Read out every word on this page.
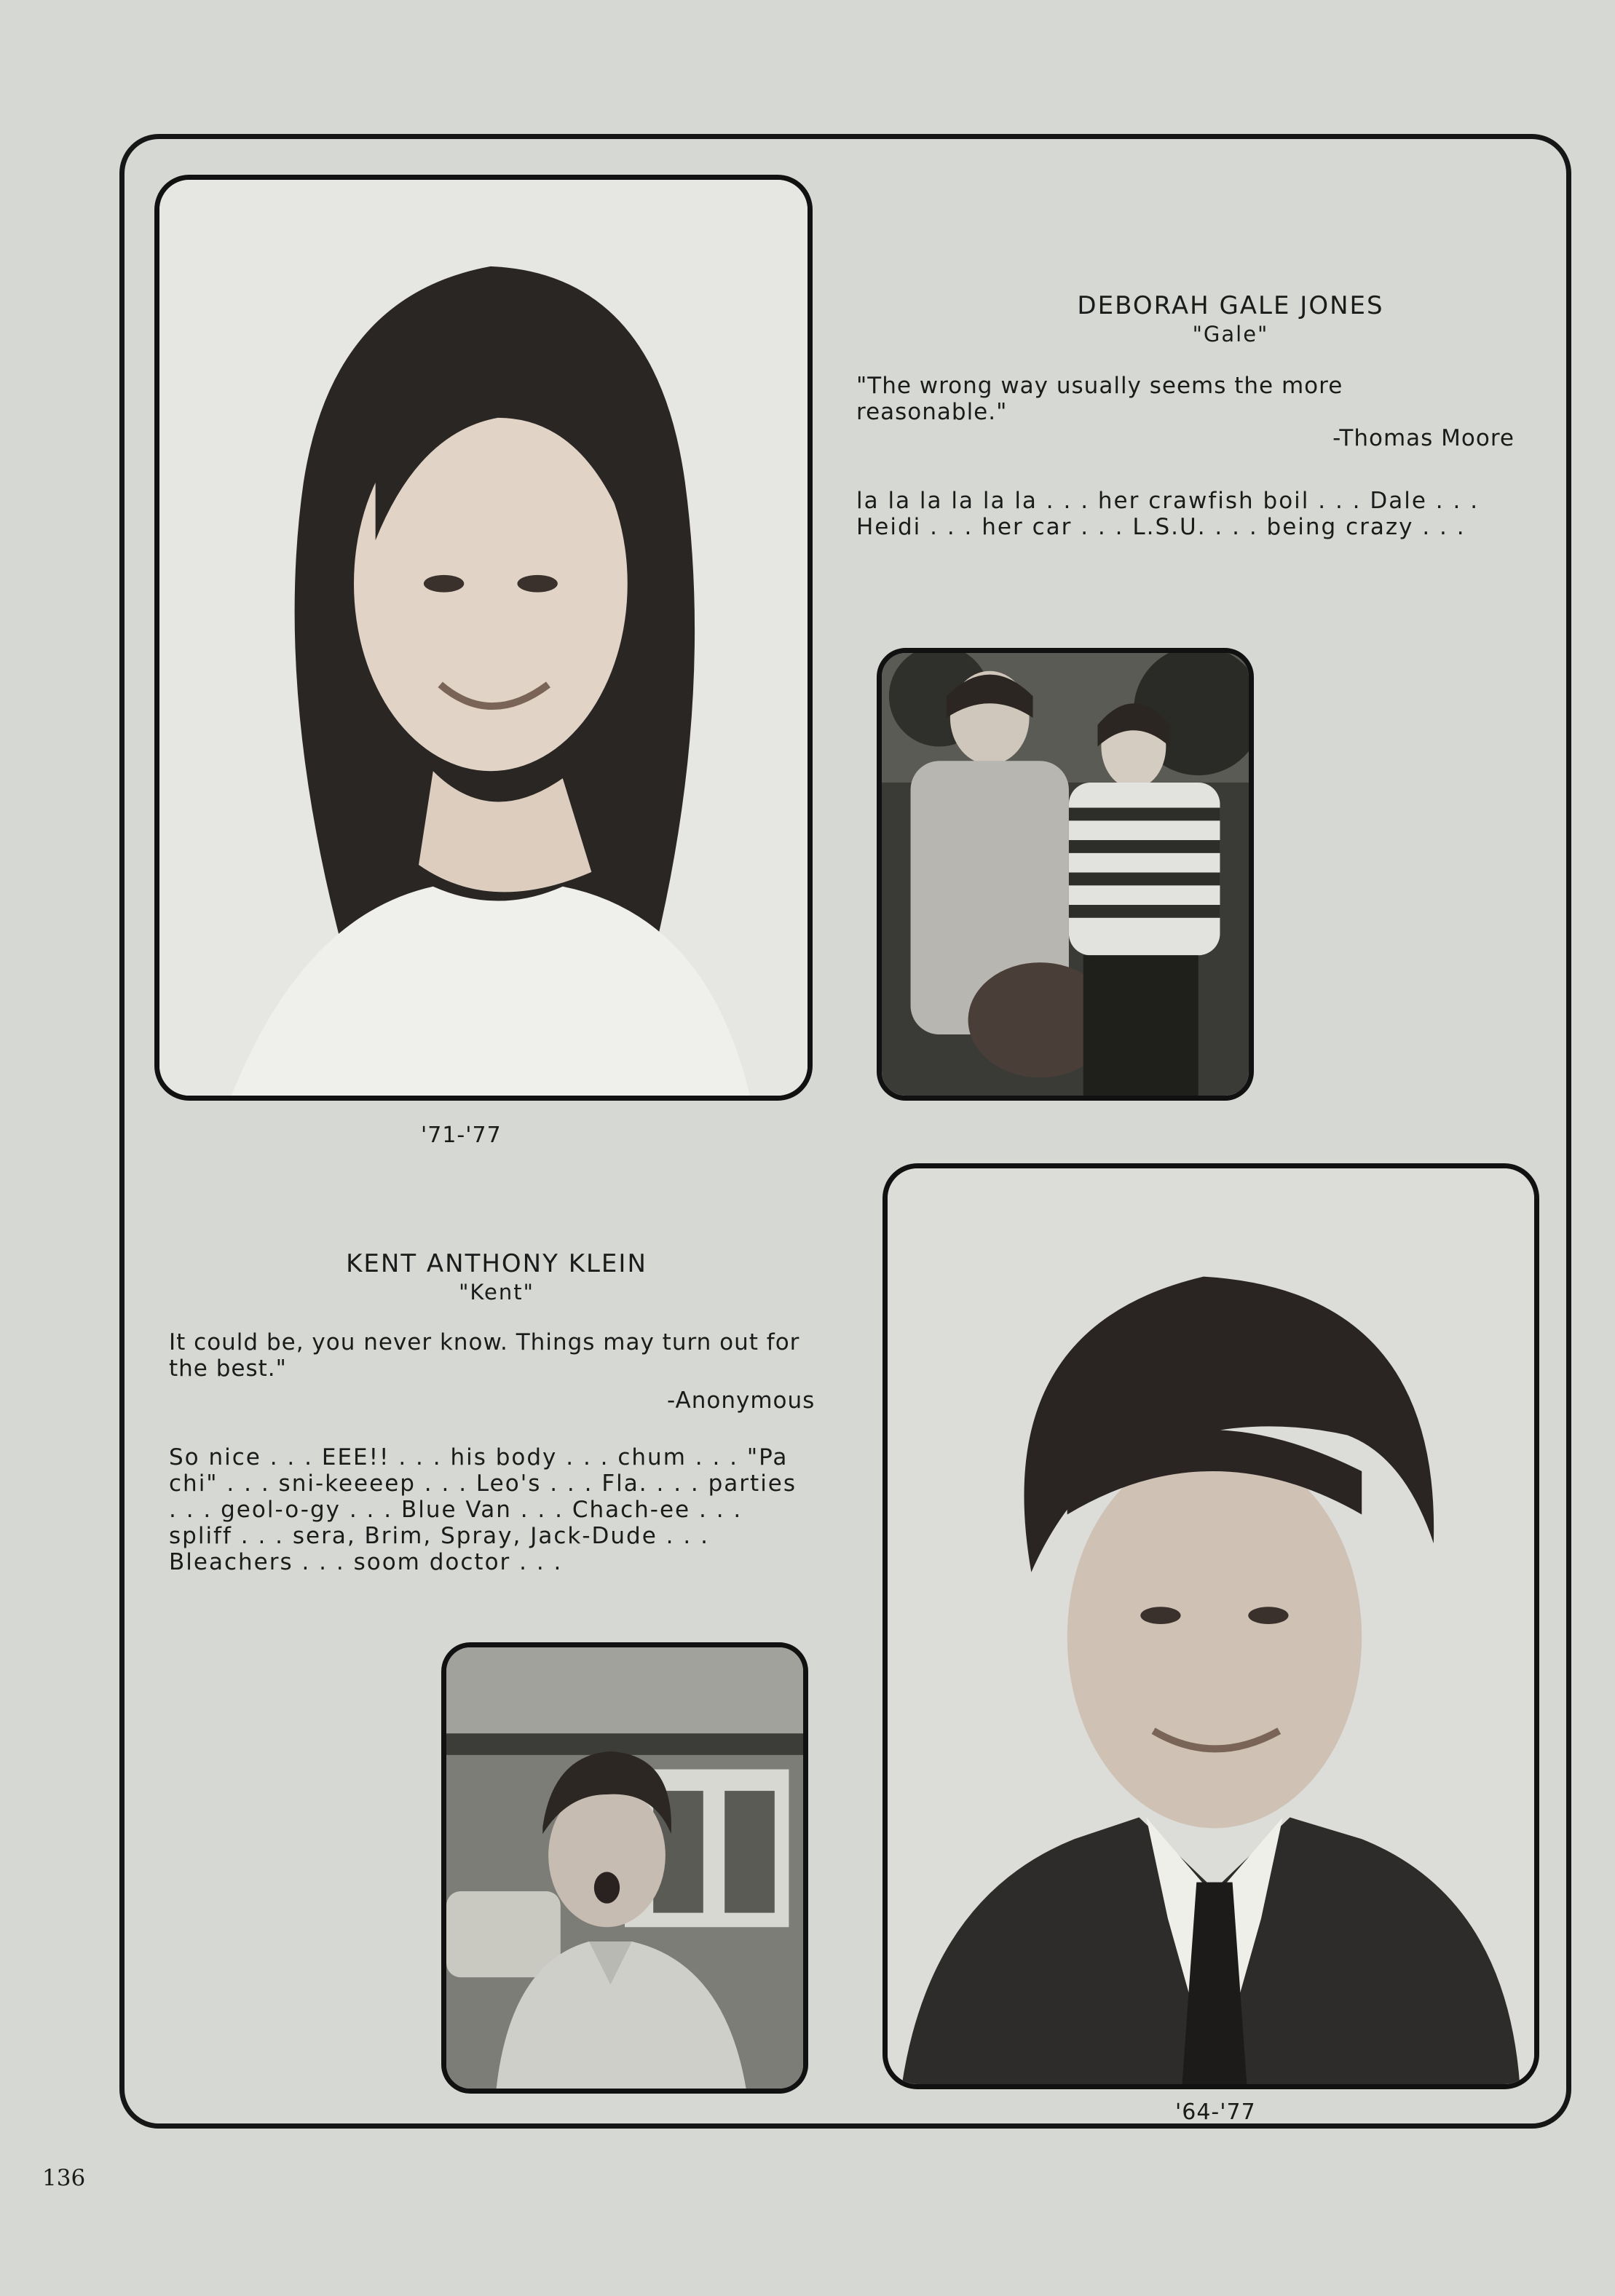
DEBORAH GALE JONES
"Gale"
"The wrong way usually seems the more reasonable."
-Thomas Moore
la la la la la la . . . her crawfish boil . . . Dale . . . Heidi . . . her car . . . L.S.U. . . . being crazy . . .
'71-'77
KENT ANTHONY KLEIN
"Kent"
It could be, you never know. Things may turn out for the best."
-Anonymous
So nice . . . EEE!! . . . his body . . . chum . . . "Pa chi" . . . sni-keeeep . . . Leo's . . . Fla. . . . parties . . . geol-o-gy . . . Blue Van . . . Chach-ee . . . spliff . . . sera, Brim, Spray, Jack-Dude . . . Bleachers . . . soom doctor . . .
'64-'77
136
